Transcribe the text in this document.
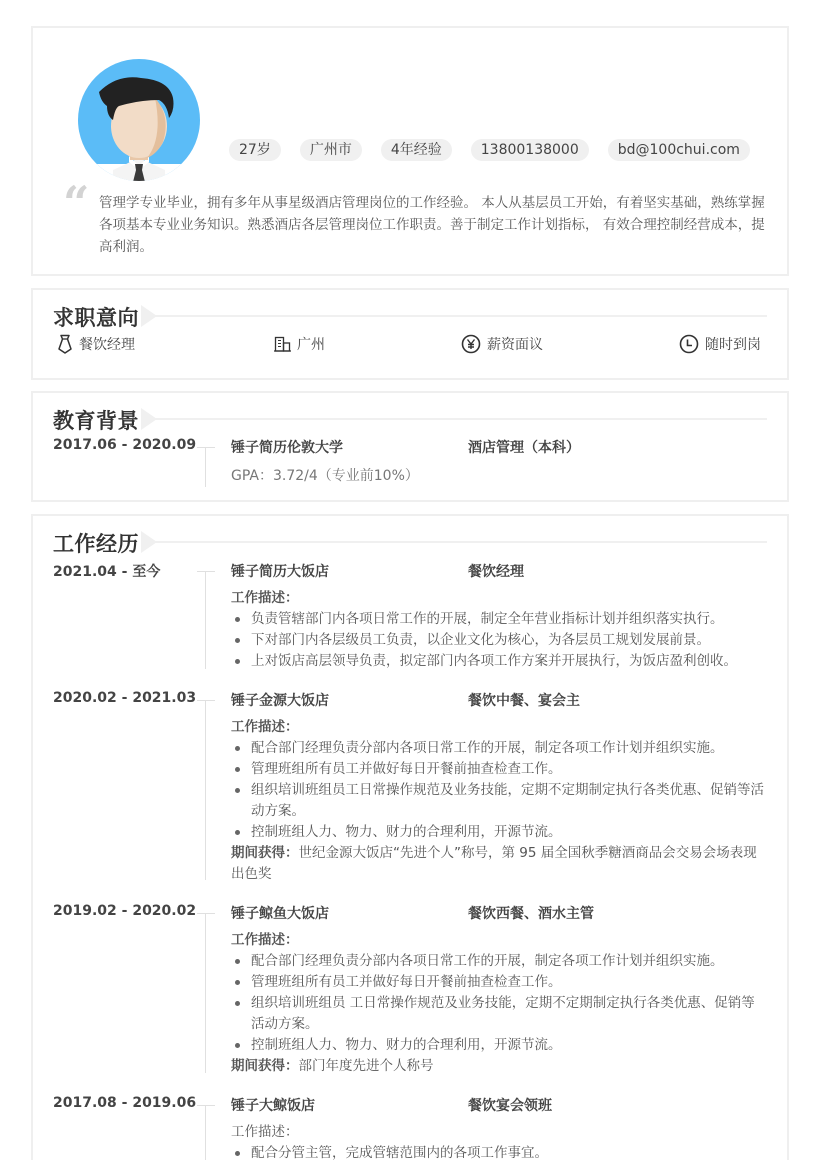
27岁	广州市	4年经验	13800138000	bd@100chui.com
“ 管理学专业毕业，拥有多年从事星级酒店管理岗位的工作经验。 本人从基层员工开始，有着坚实基础，熟练掌握各项基本专业业务知识。熟悉酒店各层管理岗位工作职责。善于制定工作计划指标， 有效合理控制经营成本，提高利润。
求职意向
餐饮经理	广州	薪资面议	随时到岗
教育背景
2017.06 - 2020.09 锤子简历伦敦大学	酒店管理（本科）
GPA：3.72/4（专业前10%）
工作经历
2021.04 - 至今	锤子简历大饭店	餐饮经理
工作描述：
负责管辖部门内各项日常工作的开展，制定全年营业指标计划并组织落实执行。
下对部门内各层级员工负责，以企业文化为核心，为各层员工规划发展前景。
上对饭店高层领导负责，拟定部门内各项工作方案并开展执行，为饭店盈利创收。
2020.02 - 2021.03 锤子金源大饭店	餐饮中餐、宴会主
工作描述：
配合部门经理负责分部内各项日常工作的开展，制定各项工作计划并组织实施。
管理班组所有员工并做好每日开餐前抽查检查工作。
组织培训班组员工日常操作规范及业务技能，定期不定期制定执行各类优惠、促销等活动方案。
控制班组人力、物力、财力的合理利用，开源节流。
期间获得：世纪金源大饭店“先进个人”称号，第 95 届全国秋季糖酒商品会交易会场表现出色奖
2019.02 - 2020.02 锤子鲸鱼大饭店	餐饮西餐、酒水主管
工作描述：
配合部门经理负责分部内各项日常工作的开展，制定各项工作计划并组织实施。
管理班组所有员工并做好每日开餐前抽查检查工作。
组织培训班组员 工日常操作规范及业务技能，定期不定期制定执行各类优惠、促销等活动方案。
控制班组人力、物力、财力的合理利用，开源节流。
期间获得：部门年度先进个人称号
2017.08 - 2019.06 锤子大鲸饭店	餐饮宴会领班
工作描述：
配合分管主管，完成管辖范围内的各项工作事宜。
